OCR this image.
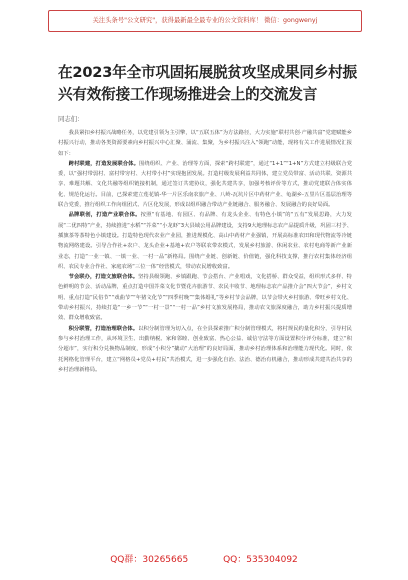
关注头条号"公文研究"，获得最新最全最专业的公文资料库！ 微信：gongwenyj
在2023年全市巩固拓展脱贫攻坚成果同乡村振兴有效衔接工作现场推进会上的交流发言
同志们：

我县紧扣乡村振兴战略任务，以党建引领为主引擎，以“五联五体”为方法路径，大力实施“联村共创·产融共富”党建赋能乡村振兴行动，推动各类资源要素向乡村振兴中心汇聚、涌流、集聚，为乡村振兴注入“领跑”动能，现将有关工作进展情况汇报如下：

跨村联建，打造发展联合体。围绕组织、产业、治理等方面，探索“跨村联建”，通过“1+1”“1+N”方式建立村级联合党委，以“强村带弱村、富村带穷村、大村带小村”实现抱团发展。打造村级发展利益共同体，建立党员带富、活动共联、资源共享、难题共解、文化共融等组织链接机制，通过签订共建协议，强化共建共享，加强考核评价等方式，推动党建联合体实体化、规范化运行。目前，已探索建立莲花镇-华一片区乐南农旅产业、八岭-瓦坑片区中药材产业、龟湖乡-五里片区基层治理等联合党委，推行组织工作向组团式、片区化发展，形成以组织融合带动产业链融合、服务融合、发展融合的良好局面。

品牌联创，打造产业联合体。按照“有基地、有园区、有品牌、有龙头企业、有特色小镇”的“五有”发展思路，大力发展“二优四特”产业，持续推进“水稻”“芥菜”“小龙虾”3大县域公用品牌建设，支持9大地理标志农产品提质升级，巩固三村予、插旗茶等茶特色小镇建设。打造特色现代农业产业园，推进规模化、高山中药材产业强镇，开展高标准农田和现代物流等冷链物流网络建设。引导合作社+农户、龙头企业+基地+农户等联农带农模式，发展乡村旅游、休闲农业、农村电商等新产业新业态，打造“一业一镇、一镇一业、一村一品”新格局。围绕产业链、创新链、价值链，强化科技支撑，推行农村集体经济组织、农民专业合作社、家庭农场“三位一体”经营模式，带动农民增收致富。

节会联办，打造文旅联合体。坚持县级领跑、乡镇跟跑、节会搭台、产业唱戏，文化搭桥、群众受益，组织形式多样、特色鲜明的节会、活动品牌，重点打造中国芥菜文化节暨花卉旅游节、农民丰收节、地理标志农产品推介会“四大节会”，乡村文明、重点打造“民俗节”“戏曲节”“年猪文化节”“四季村晚”“集体婚礼”等乡村节会品牌，以节会带火乡村旅游、带旺乡村文化、带动乡村振兴，持续打造“一乡一节”“一村一景”“一村一品”乡村文旅发展格局，推动农文旅深度融合，助力乡村振兴提质增效、群众增收致富。

积分联管，打造治理联合体。以积分制管理为切入点，在全县探索推广积分制管理模式，将村规民约量化积分，引导村民参与乡村治理工作，从环境卫生、出勤纳税、家和邻睦、创业致富、热心公益、诚信守法等方面设置积分评分标准，建立“积分超市”，实行积分兑换物品制度，形成“小积分”撬动“大治理”的良好局面，推动乡村治理体系和治理能力现代化。同时，依托网格化管理平台，建立“网格员+党员+村民”共治模式，进一步强化自治、法治、德治有机融合，推动形成共建共治共享的乡村治理新格局。

QQ群：30265665	QQ：535304092
